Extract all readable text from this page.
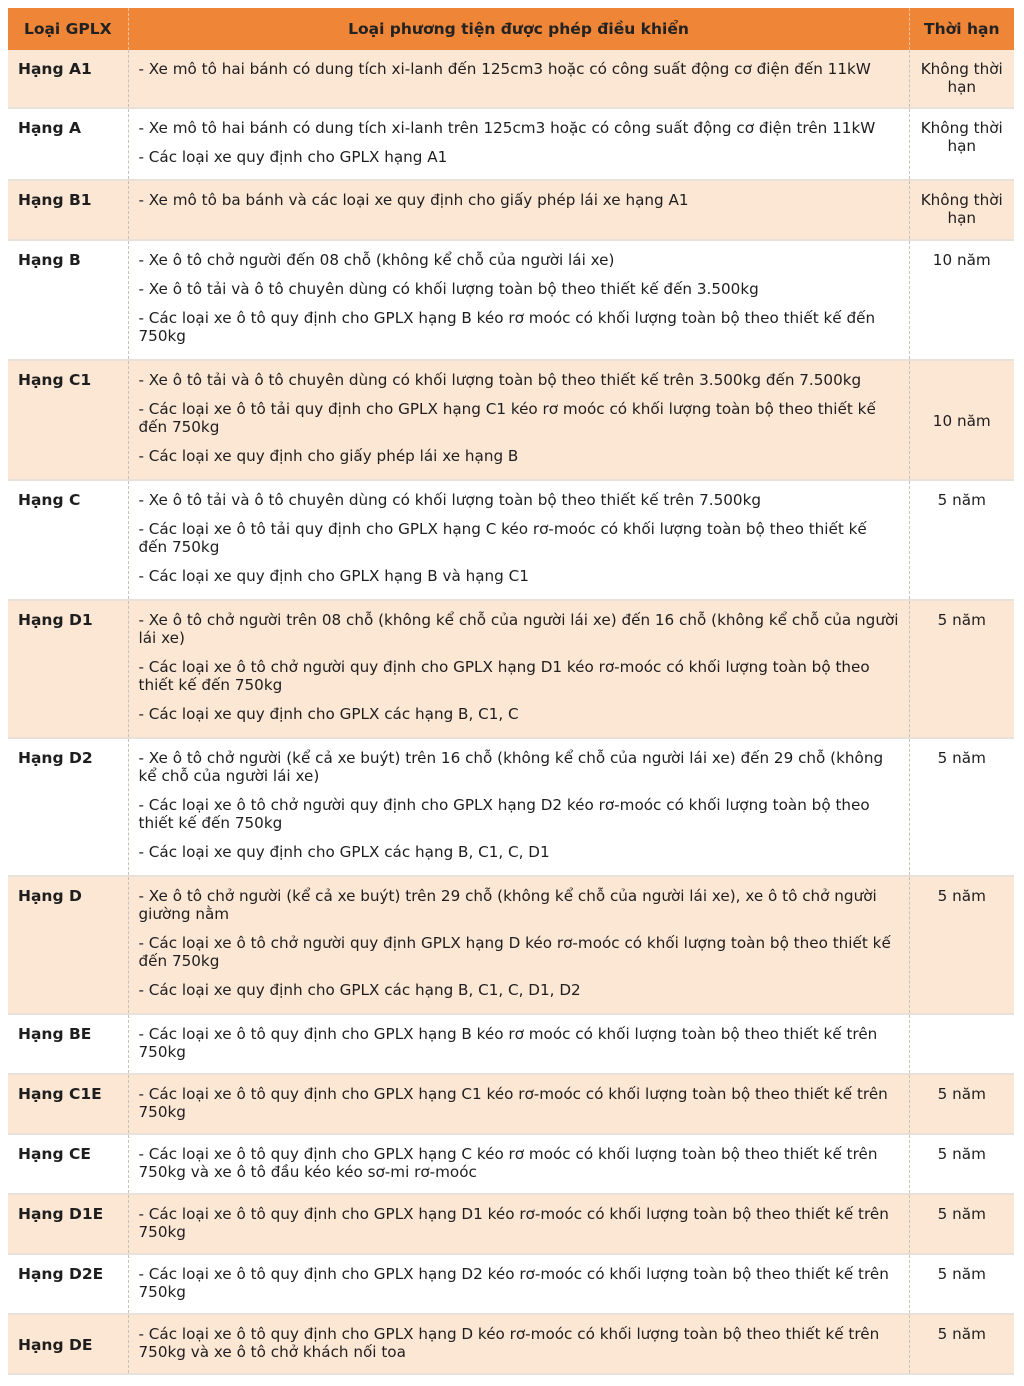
Loại GPLX	Loại phương tiện được phép điều khiển	Thời hạn
Hạng A1	- Xe mô tô hai bánh có dung tích xi-lanh đến 125cm3 hoặc có công suất động cơ điện đến 11kW	Không thời hạn
Hạng A	- Xe mô tô hai bánh có dung tích xi-lanh trên 125cm3 hoặc có công suất động cơ điện trên 11kW
- Các loại xe quy định cho GPLX hạng A1	Không thời hạn
Hạng B1	- Xe mô tô ba bánh và các loại xe quy định cho giấy phép lái xe hạng A1	Không thời hạn
Hạng B	- Xe ô tô chở người đến 08 chỗ (không kể chỗ của người lái xe)
- Xe ô tô tải và ô tô chuyên dùng có khối lượng toàn bộ theo thiết kế đến 3.500kg
- Các loại xe ô tô quy định cho GPLX hạng B kéo rơ moóc có khối lượng toàn bộ theo thiết kế đến 750kg	10 năm
Hạng C1	- Xe ô tô tải và ô tô chuyên dùng có khối lượng toàn bộ theo thiết kế trên 3.500kg đến 7.500kg
- Các loại xe ô tô tải quy định cho GPLX hạng C1 kéo rơ moóc có khối lượng toàn bộ theo thiết kế đến 750kg
- Các loại xe quy định cho giấy phép lái xe hạng B	10 năm
Hạng C	- Xe ô tô tải và ô tô chuyên dùng có khối lượng toàn bộ theo thiết kế trên 7.500kg
- Các loại xe ô tô tải quy định cho GPLX hạng C kéo rơ-moóc có khối lượng toàn bộ theo thiết kế đến 750kg
- Các loại xe quy định cho GPLX hạng B và hạng C1	5 năm
Hạng D1	- Xe ô tô chở người trên 08 chỗ (không kể chỗ của người lái xe) đến 16 chỗ (không kể chỗ của người lái xe)
- Các loại xe ô tô chở người quy định cho GPLX hạng D1 kéo rơ-moóc có khối lượng toàn bộ theo thiết kế đến 750kg
- Các loại xe quy định cho GPLX các hạng B, C1, C	5 năm
Hạng D2	- Xe ô tô chở người (kể cả xe buýt) trên 16 chỗ (không kể chỗ của người lái xe) đến 29 chỗ (không kể chỗ của người lái xe)
- Các loại xe ô tô chở người quy định cho GPLX hạng D2 kéo rơ-moóc có khối lượng toàn bộ theo thiết kế đến 750kg
- Các loại xe quy định cho GPLX các hạng B, C1, C, D1	5 năm
Hạng D	- Xe ô tô chở người (kể cả xe buýt) trên 29 chỗ (không kể chỗ của người lái xe), xe ô tô chở người giường nằm
- Các loại xe ô tô chở người quy định GPLX hạng D kéo rơ-moóc có khối lượng toàn bộ theo thiết kế đến 750kg
- Các loại xe quy định cho GPLX các hạng B, C1, C, D1, D2	5 năm
Hạng BE	- Các loại xe ô tô quy định cho GPLX hạng B kéo rơ moóc có khối lượng toàn bộ theo thiết kế trên 750kg	

Hạng C1E	- Các loại xe ô tô quy định cho GPLX hạng C1 kéo rơ-moóc có khối lượng toàn bộ theo thiết kế trên 750kg	5 năm
Hạng CE	- Các loại xe ô tô quy định cho GPLX hạng C kéo rơ moóc có khối lượng toàn bộ theo thiết kế trên 750kg và xe ô tô đầu kéo kéo sơ-mi rơ-moóc	5 năm
Hạng D1E	- Các loại xe ô tô quy định cho GPLX hạng D1 kéo rơ-moóc có khối lượng toàn bộ theo thiết kế trên 750kg	5 năm
Hạng D2E	- Các loại xe ô tô quy định cho GPLX hạng D2 kéo rơ-moóc có khối lượng toàn bộ theo thiết kế trên 750kg	5 năm
Hạng DE	- Các loại xe ô tô quy định cho GPLX hạng D kéo rơ-moóc có khối lượng toàn bộ theo thiết kế trên 750kg và xe ô tô chở khách nối toa	5 năm
